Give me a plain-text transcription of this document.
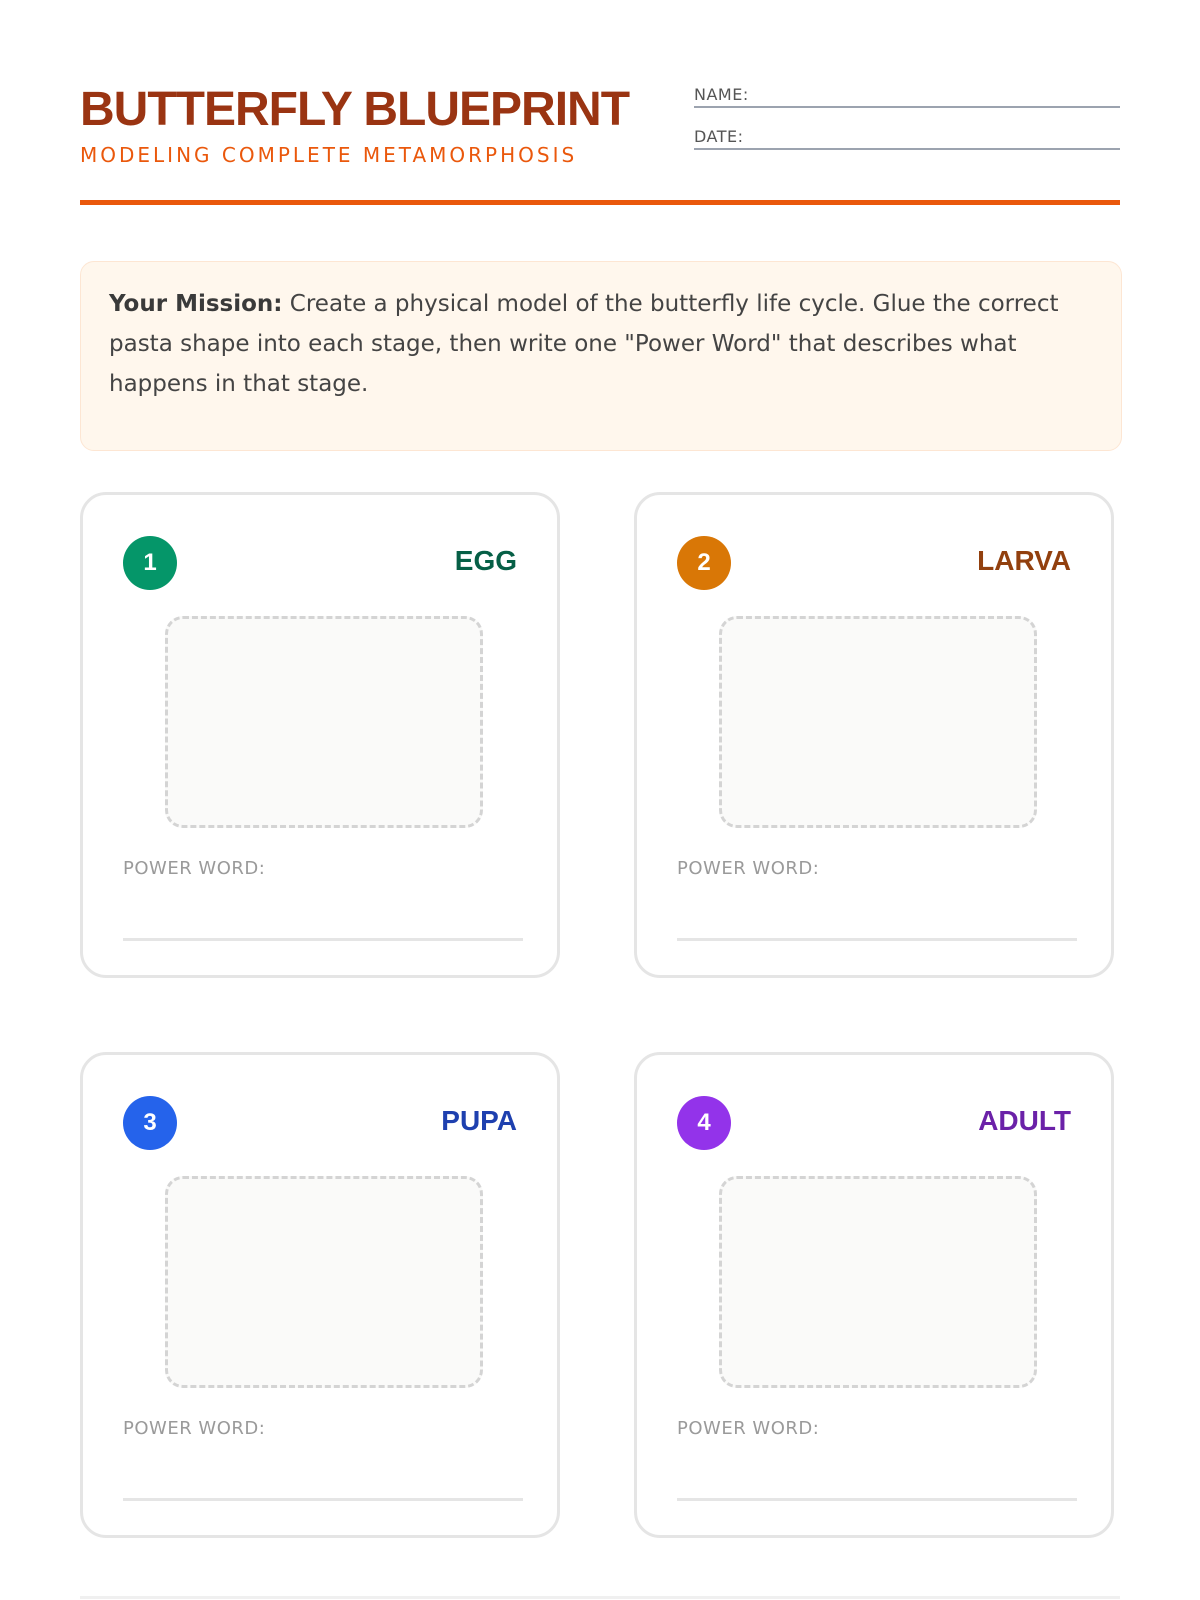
BUTTERFLY BLUEPRINT
MODELING COMPLETE METAMORPHOSIS
NAME:
DATE:
Your Mission: Create a physical model of the butterfly life cycle. Glue the correct pasta shape into each stage, then write one "Power Word" that describes what happens in that stage.
1	EGG
POWER WORD:
2	LARVA
POWER WORD:
3	PUPA
POWER WORD:
4	ADULT
POWER WORD:
